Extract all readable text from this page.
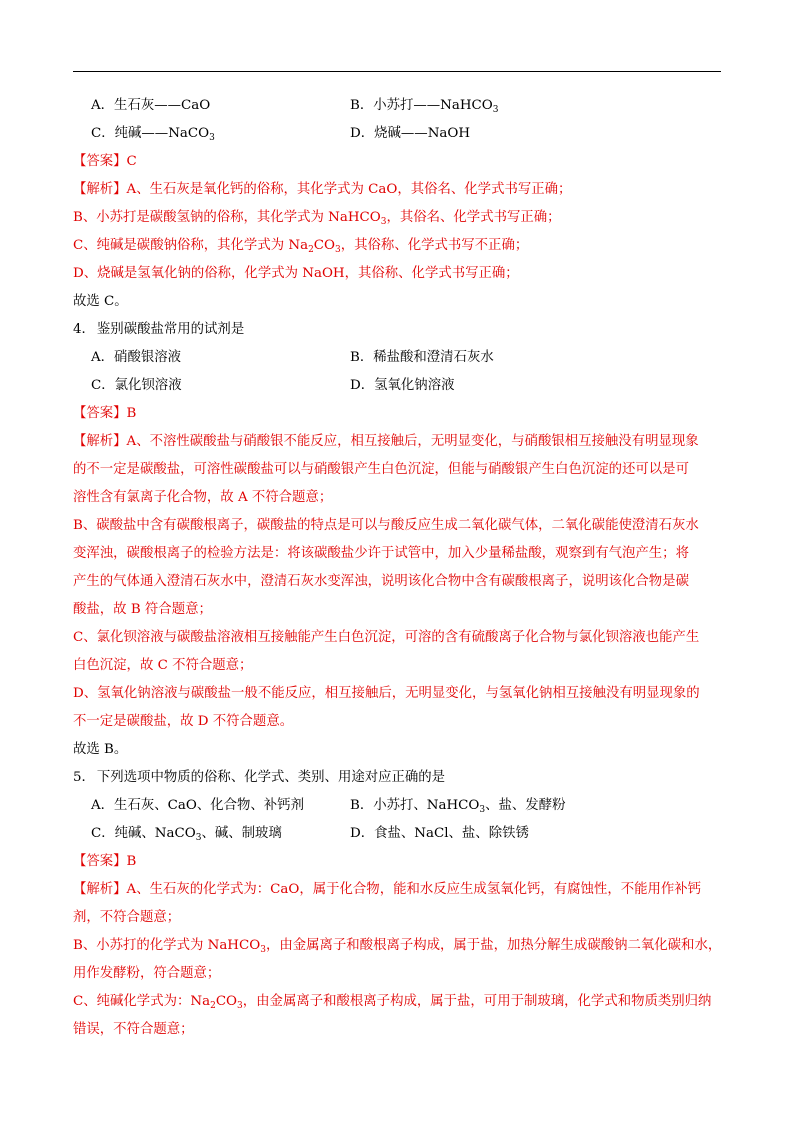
A．生石灰——CaO	B．小苏打——NaHCO$_3$
C．纯碱——NaCO$_3$	D．烧碱——NaOH
【答案】C
【解析】A、生石灰是氧化钙的俗称，其化学式为 CaO，其俗名、化学式书写正确；
B、小苏打是碳酸氢钠的俗称，其化学式为 NaHCO$_3$，其俗名、化学式书写正确；
C、纯碱是碳酸钠俗称，其化学式为 $Na_2CO_3$，其俗称、化学式书写不正确；
D、烧碱是氢氧化钠的俗称，化学式为 NaOH，其俗称、化学式书写正确；
故选 C。
4． 鉴别碳酸盐常用的试剂是
A．硝酸银溶液	B．稀盐酸和澄清石灰水
C．氯化钡溶液	D．氢氧化钠溶液
【答案】B
【解析】A、不溶性碳酸盐与硝酸银不能反应，相互接触后，无明显变化，与硝酸银相互接触没有明显现象
的不一定是碳酸盐，可溶性碳酸盐可以与硝酸银产生白色沉淀，但能与硝酸银产生白色沉淀的还可以是可
溶性含有氯离子化合物，故 A 不符合题意；
B、碳酸盐中含有碳酸根离子，碳酸盐的特点是可以与酸反应生成二氧化碳气体，二氧化碳能使澄清石灰水
变浑浊，碳酸根离子的检验方法是：将该碳酸盐少许于试管中，加入少量稀盐酸，观察到有气泡产生；将
产生的气体通入澄清石灰水中，澄清石灰水变浑浊，说明该化合物中含有碳酸根离子，说明该化合物是碳
酸盐，故 B 符合题意；
C、氯化钡溶液与碳酸盐溶液相互接触能产生白色沉淀，可溶的含有硫酸离子化合物与氯化钡溶液也能产生
白色沉淀，故 C 不符合题意；
D、氢氧化钠溶液与碳酸盐一般不能反应，相互接触后，无明显变化，与氢氧化钠相互接触没有明显现象的
不一定是碳酸盐，故 D 不符合题意。
故选 B。
5． 下列选项中物质的俗称、化学式、类别、用途对应正确的是
A．生石灰、CaO、化合物、补钙剂	B．小苏打、NaHCO$_3$、盐、发酵粉
C．纯碱、NaCO$_3$、碱、制玻璃	D．食盐、NaCl、盐、除铁锈
【答案】B
【解析】A、生石灰的化学式为：CaO，属于化合物，能和水反应生成氢氧化钙，有腐蚀性，不能用作补钙
剂，不符合题意；
B、小苏打的化学式为 NaHCO$_3$，由金属离子和酸根离子构成，属于盐，加热分解生成碳酸钠二氧化碳和水，
用作发酵粉，符合题意；
C、纯碱化学式为：$Na_2CO_3$，由金属离子和酸根离子构成，属于盐，可用于制玻璃，化学式和物质类别归纳
错误，不符合题意；
